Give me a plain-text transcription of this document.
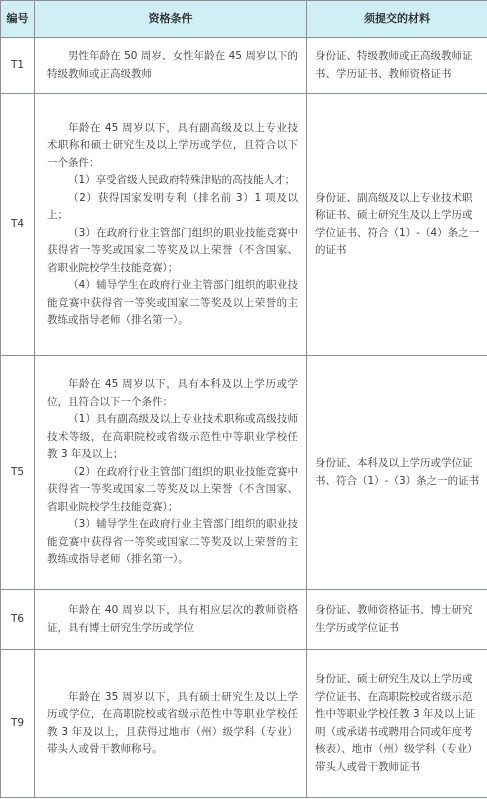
编号	资格条件	须提交的材料
T1	男性年龄在 50 周岁、女性年龄在 45 周岁以下的特级教师或正高级教师	身份证、特级教师或正高级教师证书、学历证书、教师资格证书
T4	年龄在 45 周岁以下，具有副高级及以上专业技术职称和硕士研究生及以上学历或学位，且符合以下一个条件：

（1）享受省级人民政府特殊津贴的高技能人才；

（2）获得国家发明专利（排名前 3）1 项及以上；

（3）在政府行业主管部门组织的职业技能竞赛中获得省一等奖或国家二等奖及以上荣誉（不含国家、省职业院校学生技能竞赛）；

（4）辅导学生在政府行业主管部门组织的职业技能竞赛中获得省一等奖或国家二等奖及以上荣誉的主教练或指导老师（排名第一）。	身份证、副高级及以上专业技术职称证书、硕士研究生及以上学历或学位证书、符合（1）-（4）条之一的证书
T5	年龄在 45 周岁以下，具有本科及以上学历或学位，且符合以下一个条件：

（1）具有副高级及以上专业技术职称或高级技师技术等级，在高职院校或省级示范性中等职业学校任教 3 年及以上；

（2）在政府行业主管部门组织的职业技能竞赛中获得省一等奖或国家二等奖及以上荣誉（不含国家、省职业院校学生技能竞赛）；

（3）辅导学生在政府行业主管部门组织的职业技能竞赛中获得省一等奖或国家二等奖及以上荣誉的主教练或指导老师（排名第一）。	身份证、本科及以上学历或学位证书、符合（1）-（3）条之一的证书
T6	年龄在 40 周岁以下，具有相应层次的教师资格证，具有博士研究生学历或学位	身份证、教师资格证书、博士研究生学历或学位证书
T9	年龄在 35 周岁以下，具有硕士研究生及以上学历或学位，在高职院校或省级示范性中等职业学校任教 3 年及以上，且获得过地市（州）级学科（专业）带头人或骨干教师称号。	身份证、硕士研究生及以上学历或学位证书、在高职院校或省级示范性中等职业学校任教 3 年及以上证明（或承诺书或聘用合同或年度考核表）、地市（州）级学科（专业）带头人或骨干教师证书
